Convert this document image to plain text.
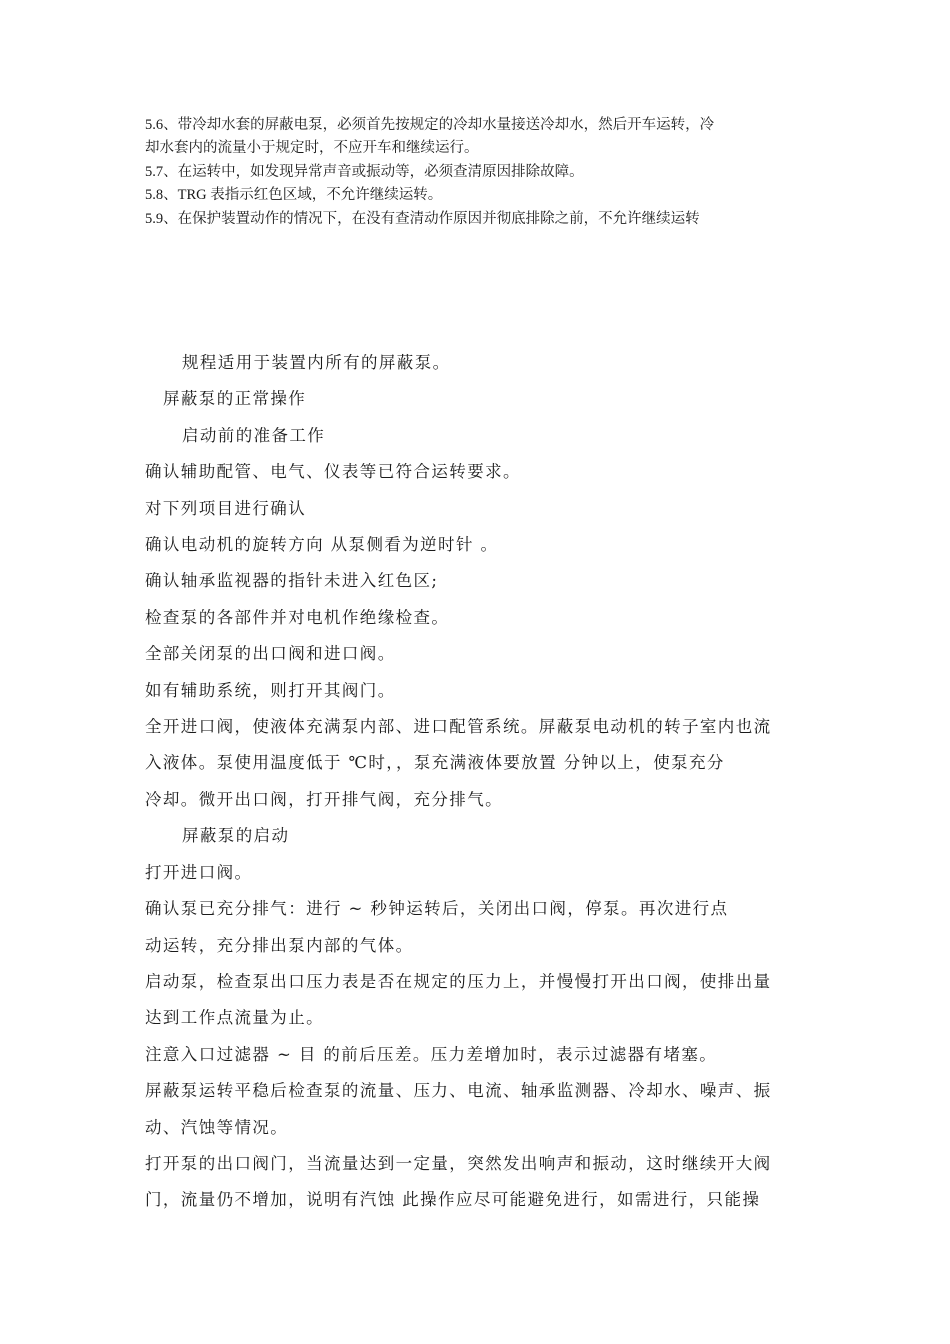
5.6、带冷却水套的屏蔽电泵，必须首先按规定的冷却水量接送冷却水，然后开车运转，冷

却水套内的流量小于规定时，不应开车和继续运行。

5.7、在运转中，如发现异常声音或振动等，必须查清原因排除故障。

5.8、TRG 表指示红色区域，不允许继续运转。

5.9、在保护装置动作的情况下，在没有查清动作原因并彻底排除之前，不允许继续运转

规程适用于装置内所有的屏蔽泵。

屏蔽泵的正常操作

启动前的准备工作

确认辅助配管、电气、仪表等已符合运转要求。

对下列项目进行确认

确认电动机的旋转方向 从泵侧看为逆时针 。

确认轴承监视器的指针未进入红色区;

检查泵的各部件并对电机作绝缘检查。

全部关闭泵的出口阀和进口阀。

如有辅助系统，则打开其阀门。

全开进口阀，使液体充满泵内部、进口配管系统。屏蔽泵电动机的转子室内也流

入液体。泵使用温度低于 ℃时，，泵充满液体要放置 分钟以上，使泵充分

冷却。微开出口阀，打开排气阀，充分排气。

屏蔽泵的启动

打开进口阀。

确认泵已充分排气：进行 ~ 秒钟运转后，关闭出口阀，停泵。再次进行点

动运转，充分排出泵内部的气体。

启动泵，检查泵出口压力表是否在规定的压力上，并慢慢打开出口阀，使排出量

达到工作点流量为止。

注意入口过滤器 ~ 目 的前后压差。压力差增加时，表示过滤器有堵塞。

屏蔽泵运转平稳后检查泵的流量、压力、电流、轴承监测器、冷却水、噪声、振

动、汽蚀等情况。

打开泵的出口阀门，当流量达到一定量，突然发出响声和振动，这时继续开大阀

门，流量仍不增加，说明有汽蚀 此操作应尽可能避免进行，如需进行，只能操
